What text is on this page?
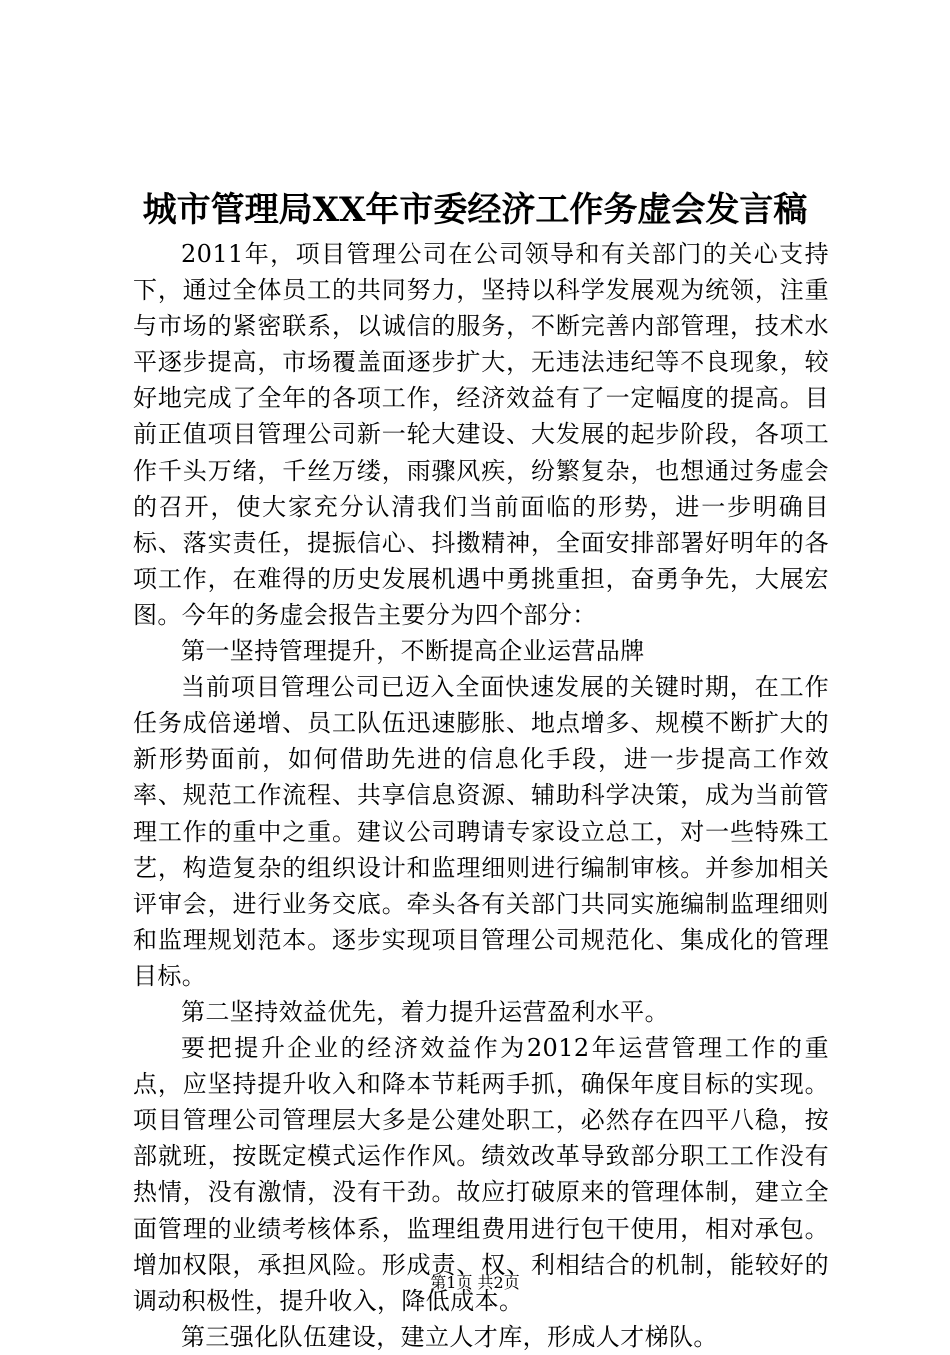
城市管理局XX年市委经济工作务虚会发言稿

2011年，项目管理公司在公司领导和有关部门的关心支持下，通过全体员工的共同努力，坚持以科学发展观为统领，注重与市场的紧密联系，以诚信的服务，不断完善内部管理，技术水平逐步提高，市场覆盖面逐步扩大，无违法违纪等不良现象，较好地完成了全年的各项工作，经济效益有了一定幅度的提高。目前正值项目管理公司新一轮大建设、大发展的起步阶段，各项工作千头万绪，千丝万缕，雨骤风疾，纷繁复杂，也想通过务虚会的召开，使大家充分认清我们当前面临的形势，进一步明确目标、落实责任，提振信心、抖擞精神，全面安排部署好明年的各项工作，在难得的历史发展机遇中勇挑重担，奋勇争先，大展宏图。今年的务虚会报告主要分为四个部分：

第一坚持管理提升，不断提高企业运营品牌

当前项目管理公司已迈入全面快速发展的关键时期，在工作任务成倍递增、员工队伍迅速膨胀、地点增多、规模不断扩大的新形势面前，如何借助先进的信息化手段，进一步提高工作效率、规范工作流程、共享信息资源、辅助科学决策，成为当前管理工作的重中之重。建议公司聘请专家设立总工，对一些特殊工艺，构造复杂的组织设计和监理细则进行编制审核。并参加相关评审会，进行业务交底。牵头各有关部门共同实施编制监理细则和监理规划范本。逐步实现项目管理公司规范化、集成化的管理目标。

第二坚持效益优先，着力提升运营盈利水平。

要把提升企业的经济效益作为2012年运营管理工作的重点，应坚持提升收入和降本节耗两手抓，确保年度目标的实现。项目管理公司管理层大多是公建处职工，必然存在四平八稳，按部就班，按既定模式运作作风。绩效改革导致部分职工工作没有热情，没有激情，没有干劲。故应打破原来的管理体制，建立全面管理的业绩考核体系，监理组费用进行包干使用，相对承包。增加权限，承担风险。形成责、权、利相结合的机制，能较好的调动积极性，提升收入，降低成本。

第三强化队伍建设，建立人才库，形成人才梯队。

第1页 共2页
